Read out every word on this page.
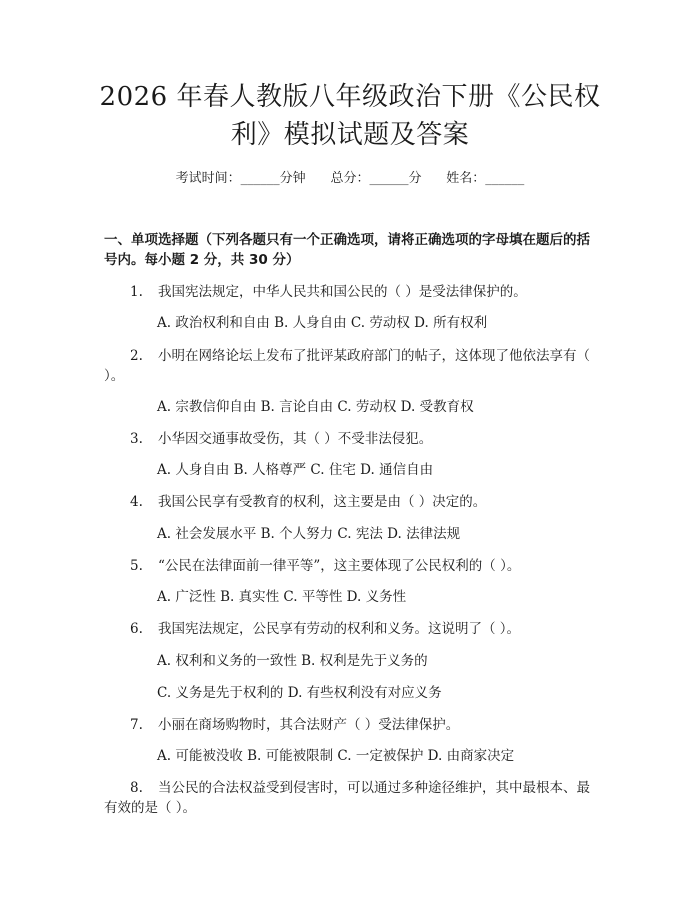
2026 年春人教版八年级政治下册《公民权
利》模拟试题及答案
考试时间：______分钟 总分：______分 姓名：______
一、单项选择题（下列各题只有一个正确选项，请将正确选项的字母填在题后的括号内。每小题 2 分，共 30 分）
1. 我国宪法规定，中华人民共和国公民的（ ）是受法律保护的。
A. 政治权利和自由 B. 人身自由 C. 劳动权 D. 所有权利
2. 小明在网络论坛上发布了批评某政府部门的帖子，这体现了他依法享有（ ）。
A. 宗教信仰自由 B. 言论自由 C. 劳动权 D. 受教育权
3. 小华因交通事故受伤，其（ ）不受非法侵犯。
A. 人身自由 B. 人格尊严 C. 住宅 D. 通信自由
4. 我国公民享有受教育的权利，这主要是由（ ）决定的。
A. 社会发展水平 B. 个人努力 C. 宪法 D. 法律法规
5. “公民在法律面前一律平等”，这主要体现了公民权利的（ ）。
A. 广泛性 B. 真实性 C. 平等性 D. 义务性
6. 我国宪法规定，公民享有劳动的权利和义务。这说明了（ ）。
A. 权利和义务的一致性 B. 权利是先于义务的
C. 义务是先于权利的 D. 有些权利没有对应义务
7. 小丽在商场购物时，其合法财产（ ）受法律保护。
A. 可能被没收 B. 可能被限制 C. 一定被保护 D. 由商家决定
8. 当公民的合法权益受到侵害时，可以通过多种途径维护，其中最根本、最有效的是（ ）。
